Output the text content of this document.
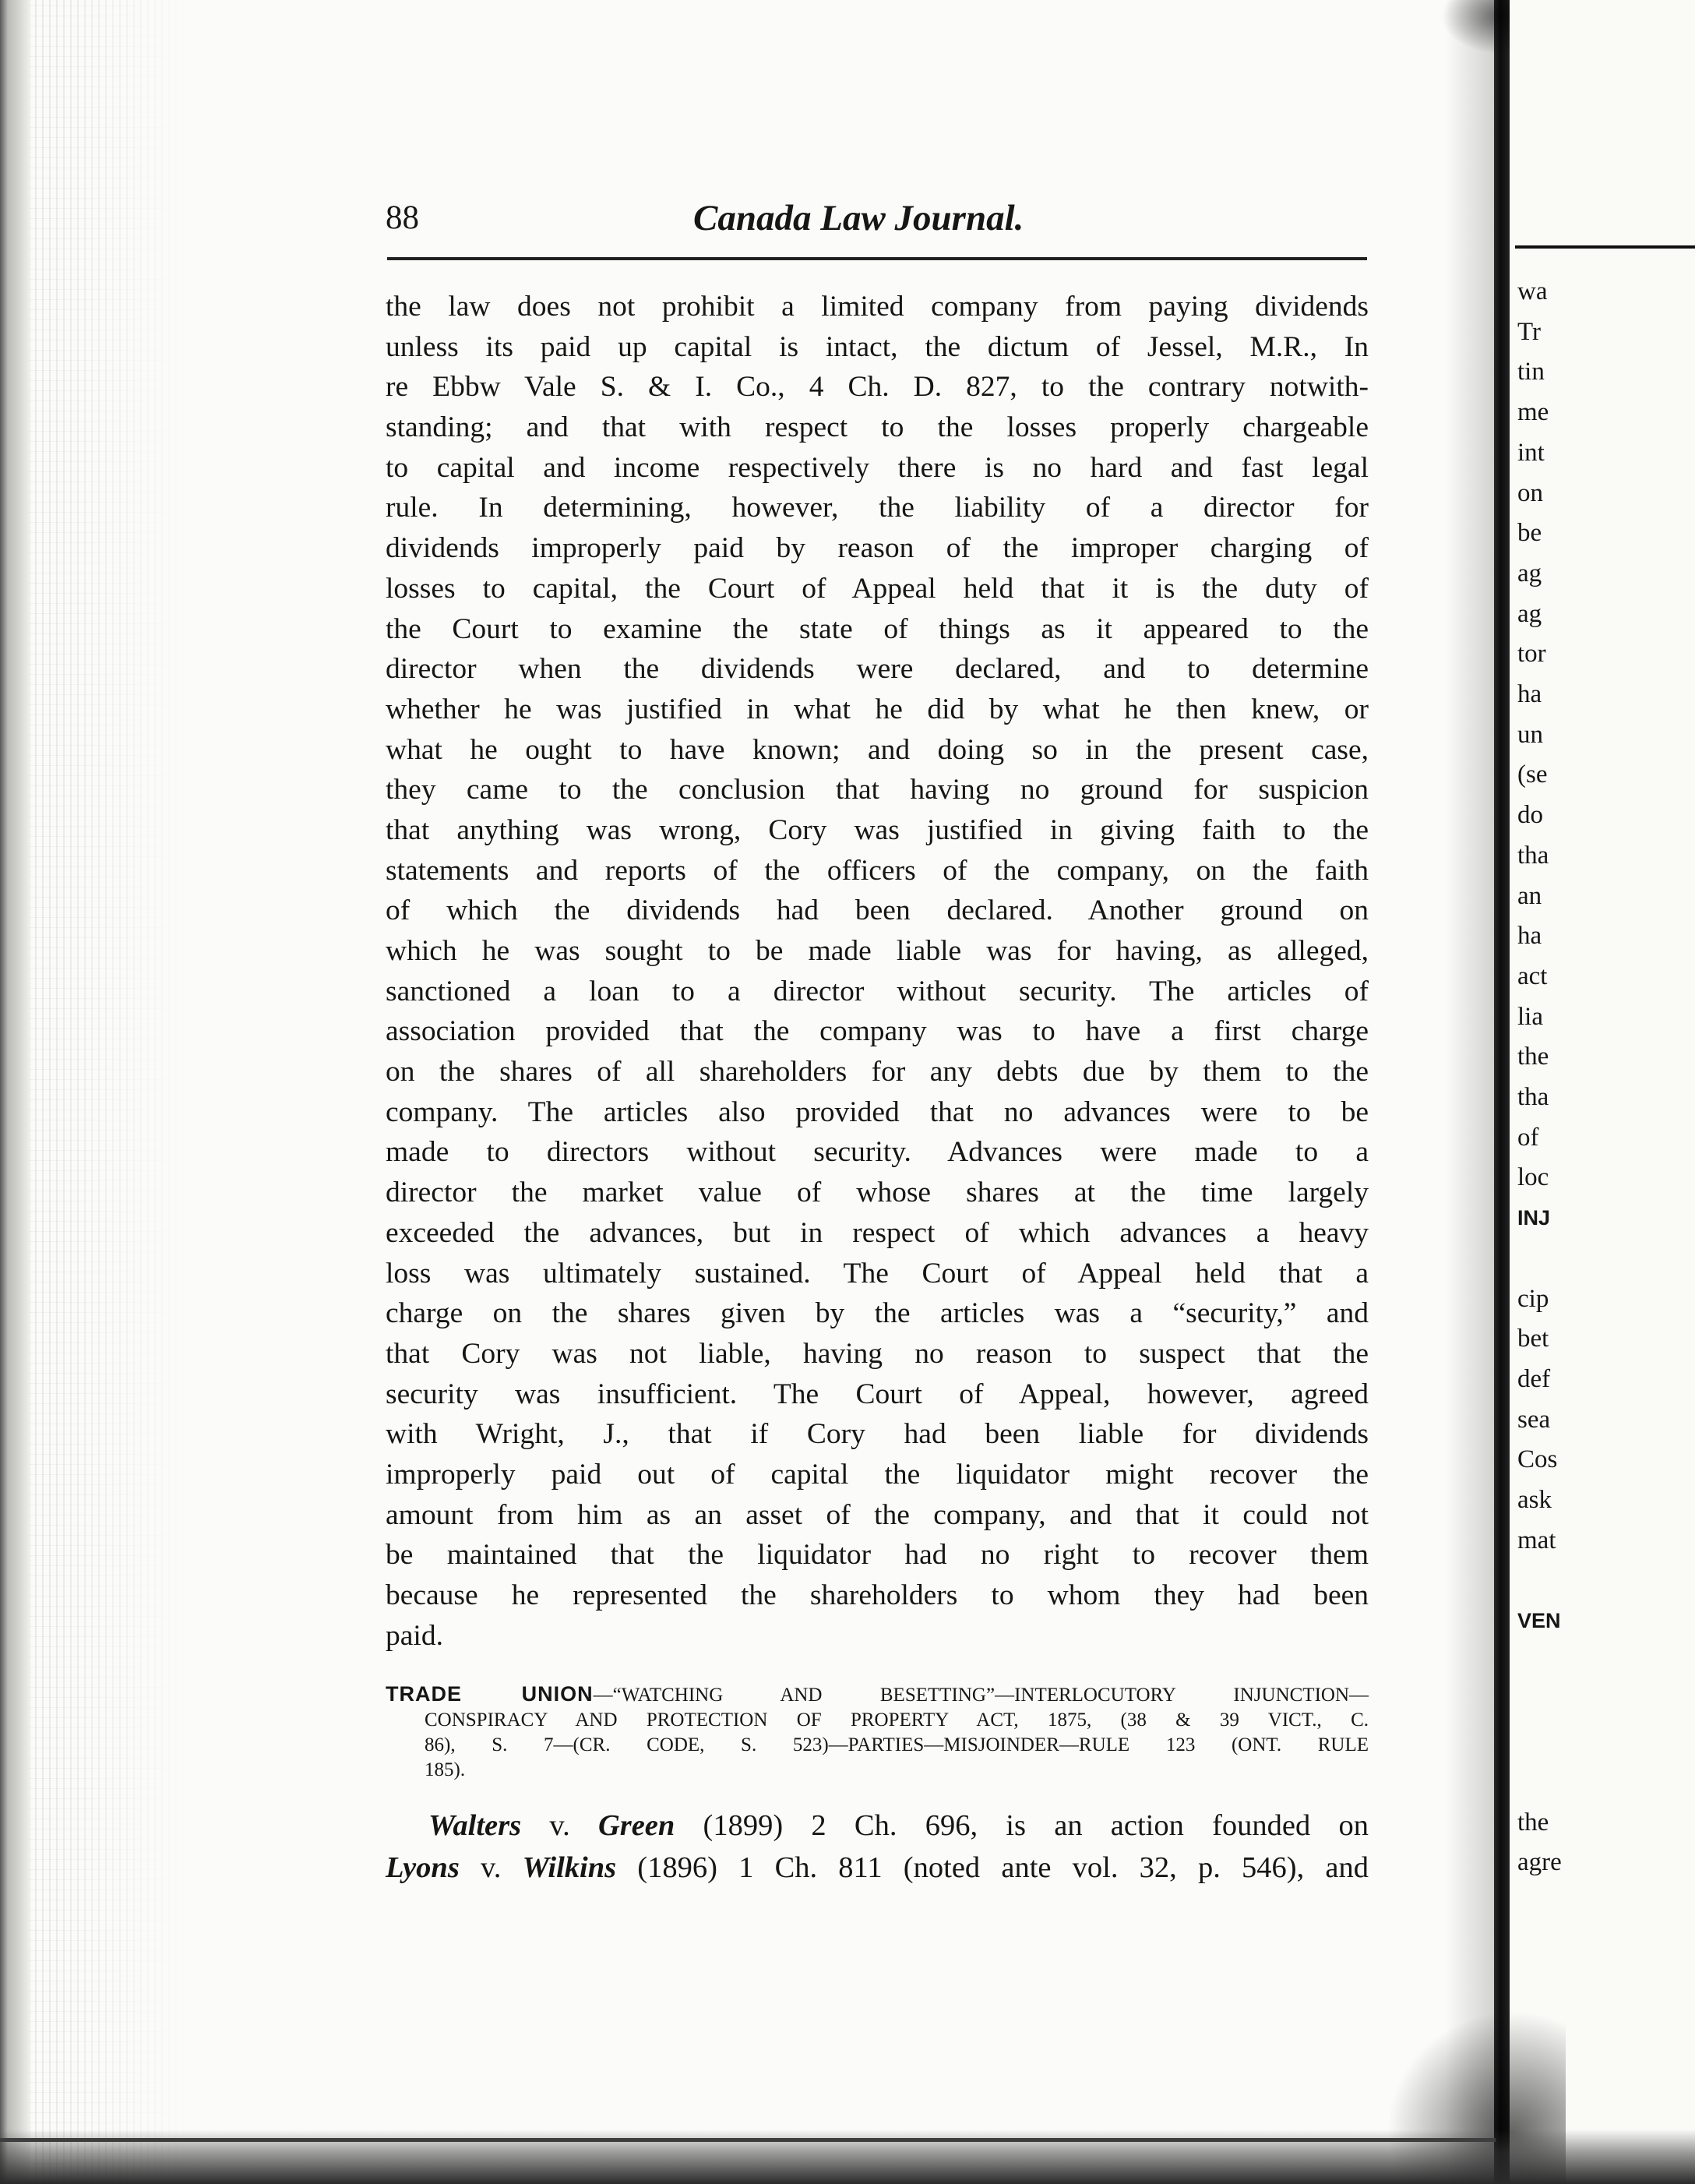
wa
Tr
tin
me
int
on
be
ag
ag
tor
ha
un
(se
do
tha
an
ha
act
lia
the
tha
of
loc
INJ
cip
bet
def
sea
Cos
ask
mat
VEN
the
agre
88	Canada Law Journal.
the law does not prohibit a limited company from paying dividends
unless its paid up capital is intact, the dictum of Jessel, M.R., In
re Ebbw Vale S. & I. Co., 4 Ch. D. 827, to the contrary notwith-
standing; and that with respect to the losses properly chargeable
to capital and income respectively there is no hard and fast legal
rule. In determining, however, the liability of a director for
dividends improperly paid by reason of the improper charging of
losses to capital, the Court of Appeal held that it is the duty of
the Court to examine the state of things as it appeared to the
director when the dividends were declared, and to determine
whether he was justified in what he did by what he then knew, or
what he ought to have known; and doing so in the present case,
they came to the conclusion that having no ground for suspicion
that anything was wrong, Cory was justified in giving faith to the
statements and reports of the officers of the company, on the faith
of which the dividends had been declared. Another ground on
which he was sought to be made liable was for having, as alleged,
sanctioned a loan to a director without security. The articles of
association provided that the company was to have a first charge
on the shares of all shareholders for any debts due by them to the
company. The articles also provided that no advances were to be
made to directors without security. Advances were made to a
director the market value of whose shares at the time largely
exceeded the advances, but in respect of which advances a heavy
loss was ultimately sustained. The Court of Appeal held that a
charge on the shares given by the articles was a “security,” and
that Cory was not liable, having no reason to suspect that the
security was insufficient. The Court of Appeal, however, agreed
with Wright, J., that if Cory had been liable for dividends
improperly paid out of capital the liquidator might recover the
amount from him as an asset of the company, and that it could not
be maintained that the liquidator had no right to recover them
because he represented the shareholders to whom they had been
paid.
TRADE UNION—“WATCHING AND BESETTING”—INTERLOCUTORY INJUNCTION—
CONSPIRACY AND PROTECTION OF PROPERTY ACT, 1875, (38 & 39 VICT., C.
86), S. 7—(CR. CODE, S. 523)—PARTIES—MISJOINDER—RULE 123 (ONT. RULE
185).
Walters v. Green (1899) 2 Ch. 696, is an action founded on
Lyons v. Wilkins (1896) 1 Ch. 811 (noted ante vol. 32, p. 546), and
